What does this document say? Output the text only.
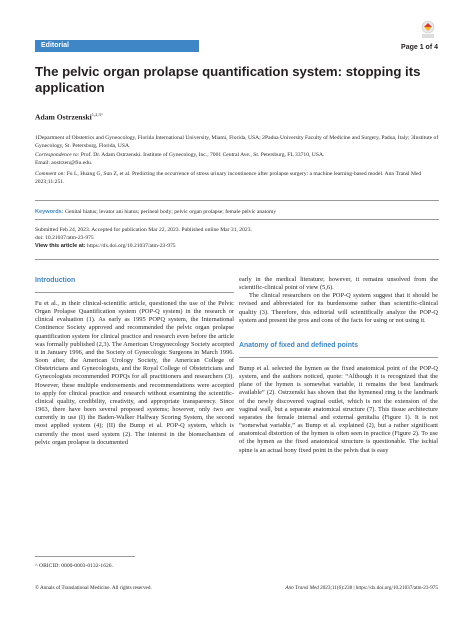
Editorial	Page 1 of 4
The pelvic organ prolapse quantification system: stopping its application
Adam Ostrzenski$^{1,2,3\^{}}$
1Department of Obstetrics and Gyneocology, Florida International University, Miami, Florida, USA; 2Padua University Faculty of Medicine and Surgery, Padua, Italy; 3Institute of Gynecology, St. Petersburg, Florida, USA
Correspondence to: Prof. Dr. Adam Ostrzenski. Institute of Gynecology, Inc., 7001 Central Ave., St. Petersburg, FL 33710, USA.
Email: aostrzen@fiu.edu.
Comment on: Fu L, Huang G, Sun Z, et al. Predicting the occurrence of stress urinary incontinence after prolapse surgery: a machine learning-based model. Ann Transl Med 2023;11:251.
Keywords: Genital hiatus; levator ani hiatus; perineal body; pelvic organ prolapse; female pelvic anatomy
Submitted Feb 24, 2023. Accepted for publication Mar 22, 2023. Published online Mar 31, 2023.
doi: 10.21037/atm-23-975
View this article at: https://dx.doi.org/10.21037/atm-23-975
Introduction

Fu et al., in their clinical-scientific article, questioned the use of the Pelvic Organ Prolapse Quantification system (POP-Q system) in the research or clinical evaluation (1). As early as 1995 POPQ system, the International Continence Society approved and recommended the pelvic organ prolapse quantification system for clinical practice and research even before the article was formally published (2,3). The American Urogynecology Society accepted it in January 1996, and the Society of Gynecologic Surgeons in March 1996. Soon after, the American Urology Society, the American College of Obstetricians and Gynecologists, and the Royal College of Obstetricians and Gynecologists recommended POPQs for all practitioners and researchers (3). However, these multiple endorsements and recommendations were accepted to apply for clinical practice and research without examining the scientific-clinical quality, credibility, creativity, and appropriate transparency. Since 1963, there have been several proposed systems; however, only two are currently in use (I) the Baden-Walker Halfway Scoring System, the second most applied system (4); (II) the Bump et al. POP-Q system, which is currently the most used system (2). The interest in the biomechanism of pelvic organ prolapse is documented

early in the medical literature; however, it remains unsolved from the scientific-clinical point of view (5,6).

The clinical researchers on the POP-Q system suggest that it should be revised and abbreviated for its burdensome rather than scientific-clinical quality (3). Therefore, this editorial will scientifically analyze the POP-Q system and present the pros and cons of the facts for using or not using it.

Anatomy of fixed and defined points

Bump et al. selected the hymen as the fixed anatomical point of the POP-Q system, and the authors noticed, quote: “Although it is recognized that the plane of the hymen is somewhat variable, it remains the best landmark available” (2). Ostrzenski has shown that the hymeneal ring is the landmark of the newly discovered vaginal outlet, which is not the extension of the vaginal wall, but a separate anatomical structure (7). This tissue architecture separates the female internal and external genitalia (Figure 1). It is not “somewhat variable,” as Bump et al. explained (2), but a rather significant anatomical distortion of the hymen is often seen in practice (Figure 2). To use of the hymen as the fixed anatomical structure is questionable. The ischial spine is an actual bony fixed point in the pelvis that is easy

^ ORICID: 0000-0003-0132-1626.
© Annals of Translational Medicine. All rights reserved.	Ann Transl Med 2023;11(6):238 | https://dx.doi.org/10.21037/atm-23-975
